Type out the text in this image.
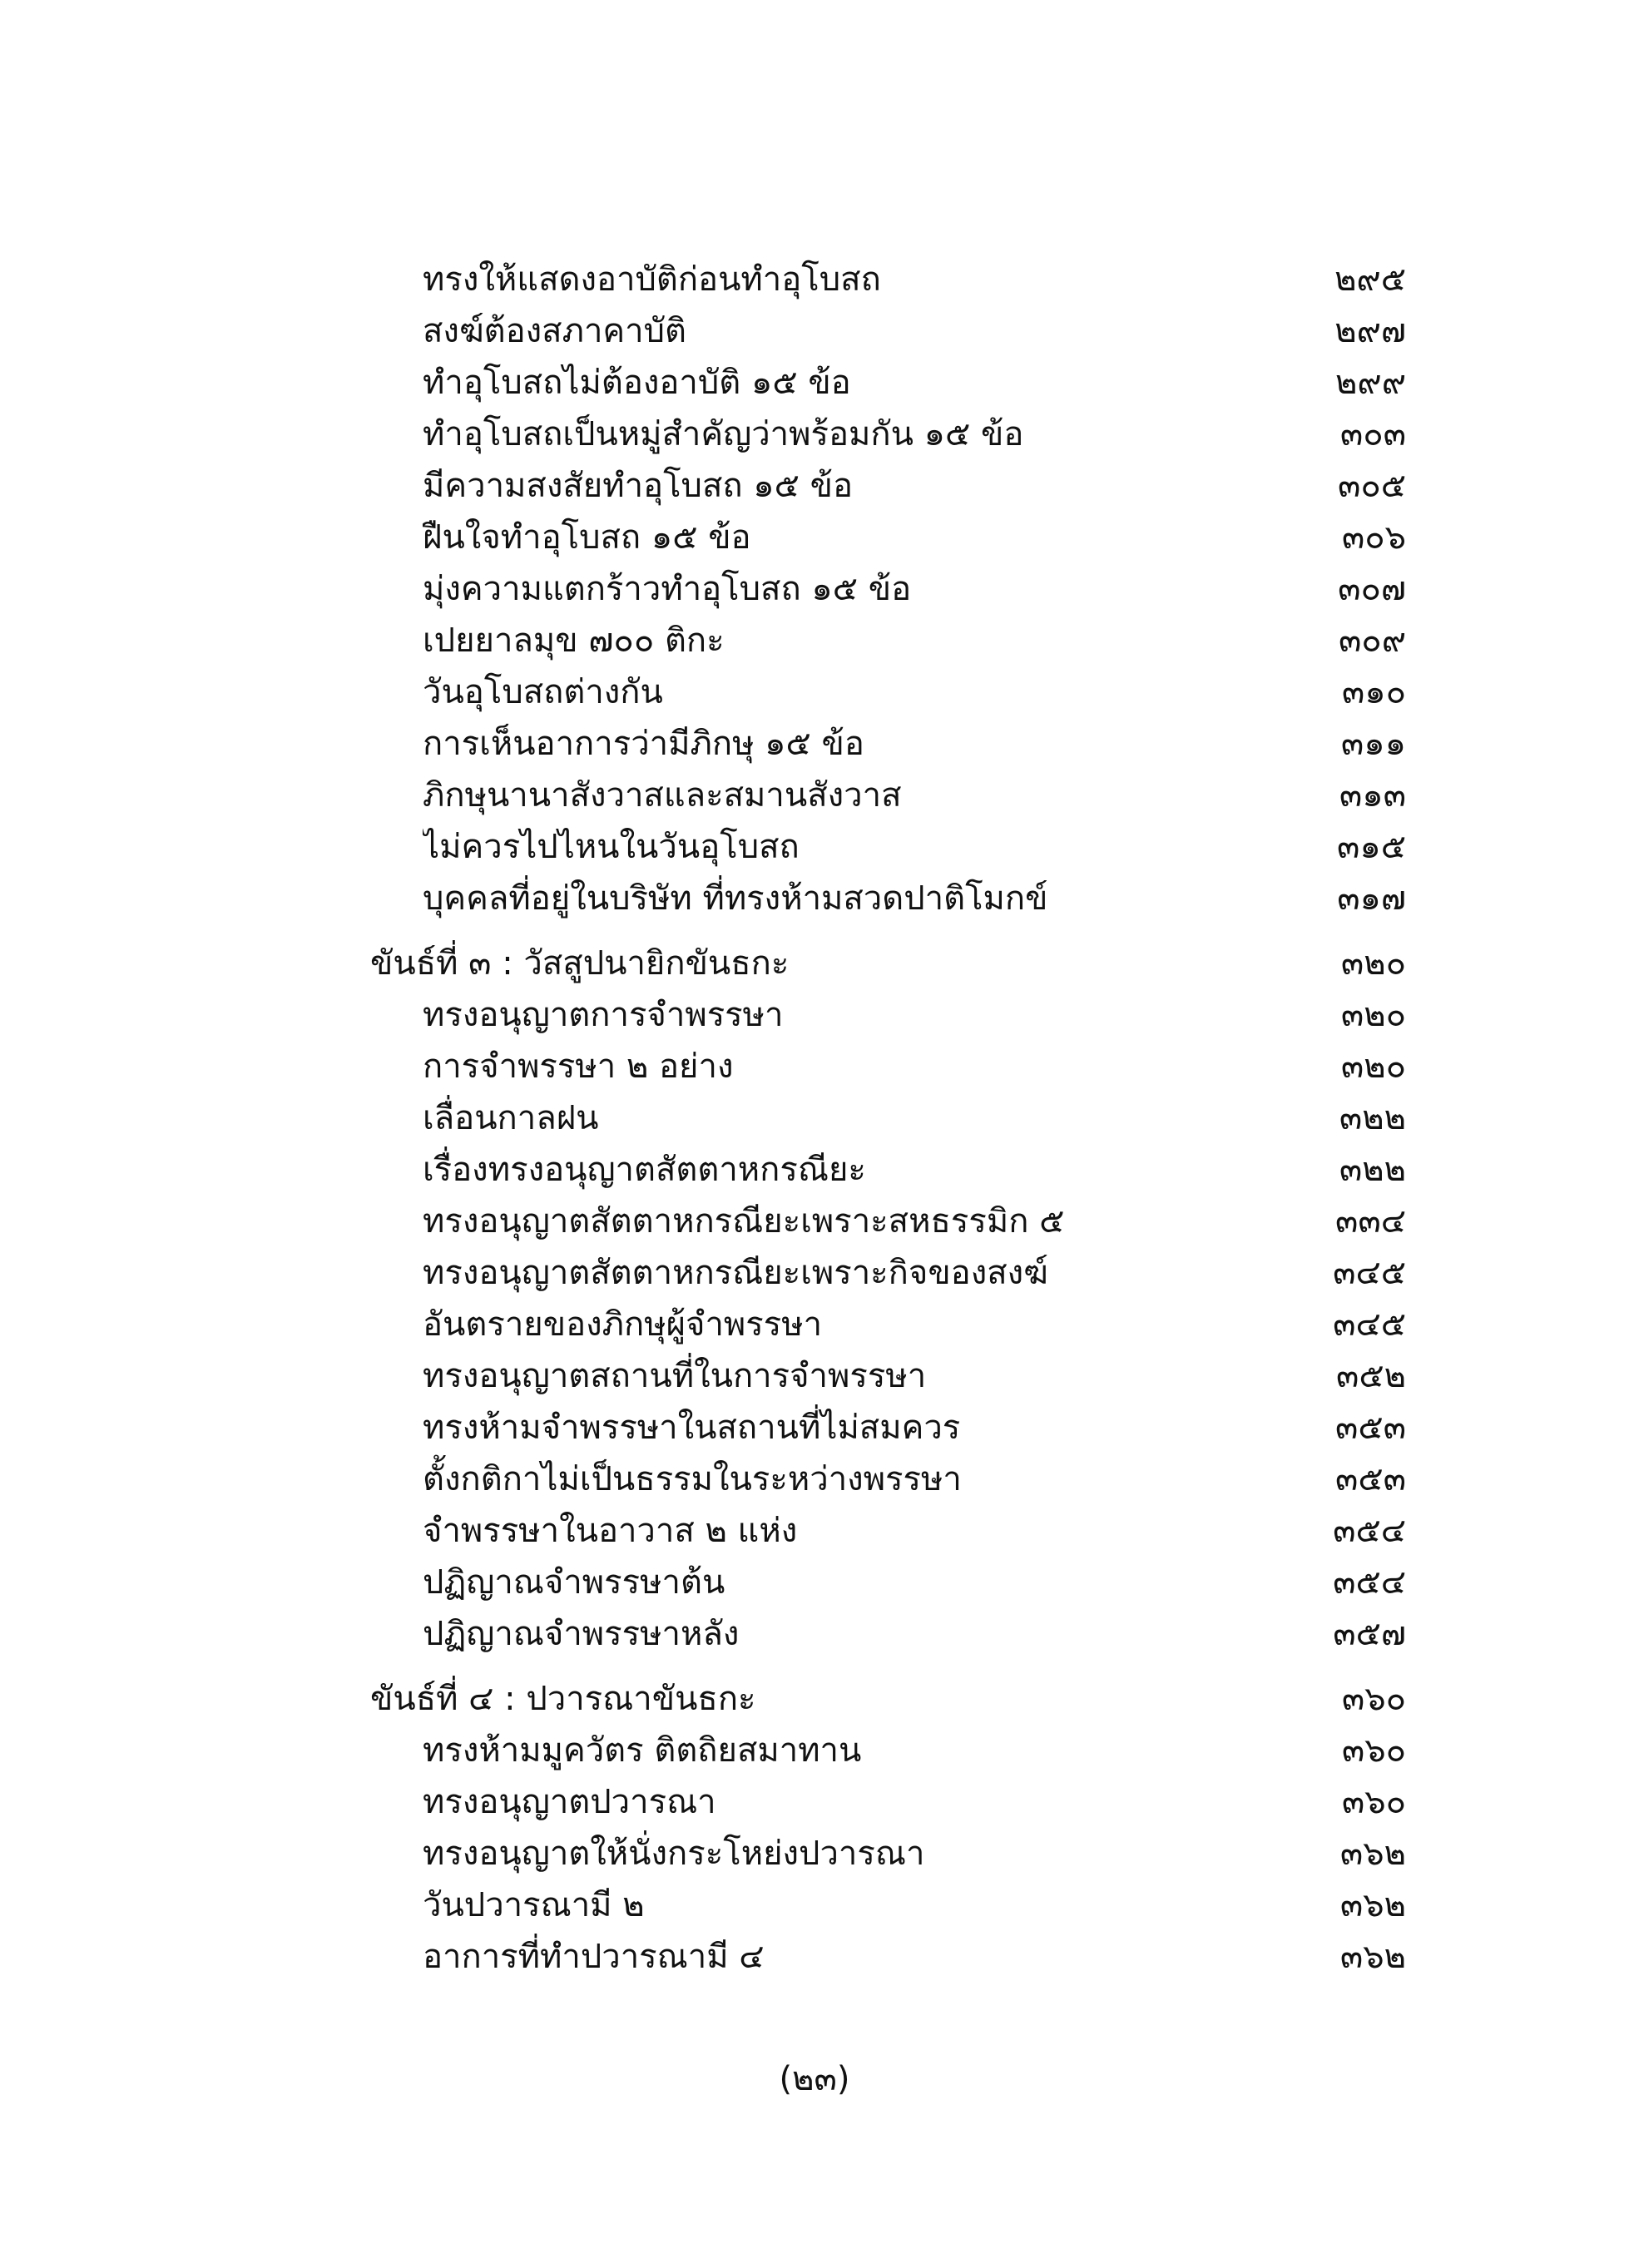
ทรงให้แสดงอาบัติก่อนทำอุโบสถ	๒๙๕
สงฆ์ต้องสภาคาบัติ	๒๙๗
ทำอุโบสถไม่ต้องอาบัติ ๑๕ ข้อ	๒๙๙
ทำอุโบสถเป็นหมู่สำคัญว่าพร้อมกัน ๑๕ ข้อ	๓๐๓
มีความสงสัยทำอุโบสถ ๑๕ ข้อ	๓๐๕
ฝืนใจทำอุโบสถ ๑๕ ข้อ	๓๐๖
มุ่งความแตกร้าวทำอุโบสถ ๑๕ ข้อ	๓๐๗
เปยยาลมุข ๗๐๐ ติกะ	๓๐๙
วันอุโบสถต่างกัน	๓๑๐
การเห็นอาการว่ามีภิกษุ ๑๕ ข้อ	๓๑๑
ภิกษุนานาสังวาสและสมานสังวาส	๓๑๓
ไม่ควรไปไหนในวันอุโบสถ	๓๑๕
บุคคลที่อยู่ในบริษัท ที่ทรงห้ามสวดปาติโมกข์	๓๑๗
ขันธ์ที่ ๓ : วัสสูปนายิกขันธกะ	๓๒๐
ทรงอนุญาตการจำพรรษา	๓๒๐
การจำพรรษา ๒ อย่าง	๓๒๐
เลื่อนกาลฝน	๓๒๒
เรื่องทรงอนุญาตสัตตาหกรณียะ	๓๒๒
ทรงอนุญาตสัตตาหกรณียะเพราะสหธรรมิก ๕	๓๓๔
ทรงอนุญาตสัตตาหกรณียะเพราะกิจของสงฆ์	๓๔๕
อันตรายของภิกษุผู้จำพรรษา	๓๔๕
ทรงอนุญาตสถานที่ในการจำพรรษา	๓๕๒
ทรงห้ามจำพรรษาในสถานที่ไม่สมควร	๓๕๓
ตั้งกติกาไม่เป็นธรรมในระหว่างพรรษา	๓๕๓
จำพรรษาในอาวาส ๒ แห่ง	๓๕๔
ปฏิญาณจำพรรษาต้น	๓๕๔
ปฏิญาณจำพรรษาหลัง	๓๕๗
ขันธ์ที่ ๔ : ปวารณาขันธกะ	๓๖๐
ทรงห้ามมูควัตร ติตถิยสมาทาน	๓๖๐
ทรงอนุญาตปวารณา	๓๖๐
ทรงอนุญาตให้นั่งกระโหย่งปวารณา	๓๖๒
วันปวารณามี ๒	๓๖๒
อาการที่ทำปวารณามี ๔	๓๖๒
(๒๓)
